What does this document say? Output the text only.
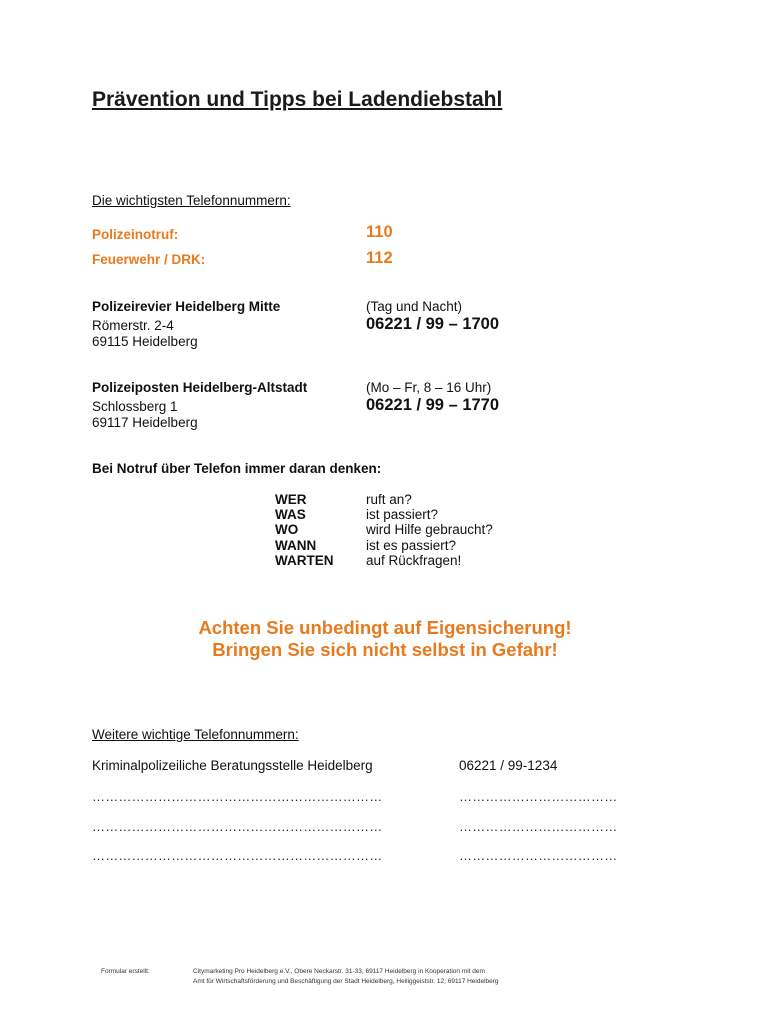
Prävention und Tipps bei Ladendiebstahl
Die wichtigsten Telefonnummern:
Polizeinotruf:	110
Feuerwehr / DRK:	112
Polizeirevier Heidelberg Mitte
Römerstr. 2-4
69115 Heidelberg
(Tag und Nacht)
06221 / 99 – 1700
Polizeiposten Heidelberg-Altstadt
Schlossberg 1
69117 Heidelberg
(Mo – Fr, 8 – 16 Uhr)
06221 / 99 – 1770
Bei Notruf über Telefon immer daran denken:
WER	ruft an?
WAS	ist passiert?
WO	wird Hilfe gebraucht?
WANN	ist es passiert?
WARTEN auf Rückfragen!
Achten Sie unbedingt auf Eigensicherung!
Bringen Sie sich nicht selbst in Gefahr!
Weitere wichtige Telefonnummern:
Kriminalpolizeiliche Beratungsstelle Heidelberg	06221 / 99-1234
…………………………………………………………	………………………………
…………………………………………………………	………………………………
…………………………………………………………	………………………………
Formular erstellt:	Citymarketing Pro Heidelberg e.V., Obere Neckarstr. 31-33, 69117 Heidelberg in Kooperation mit dem
Amt für Wirtschaftsförderung und Beschäftigung der Stadt Heidelberg, Heiliggeiststr. 12, 69117 Heidelberg
